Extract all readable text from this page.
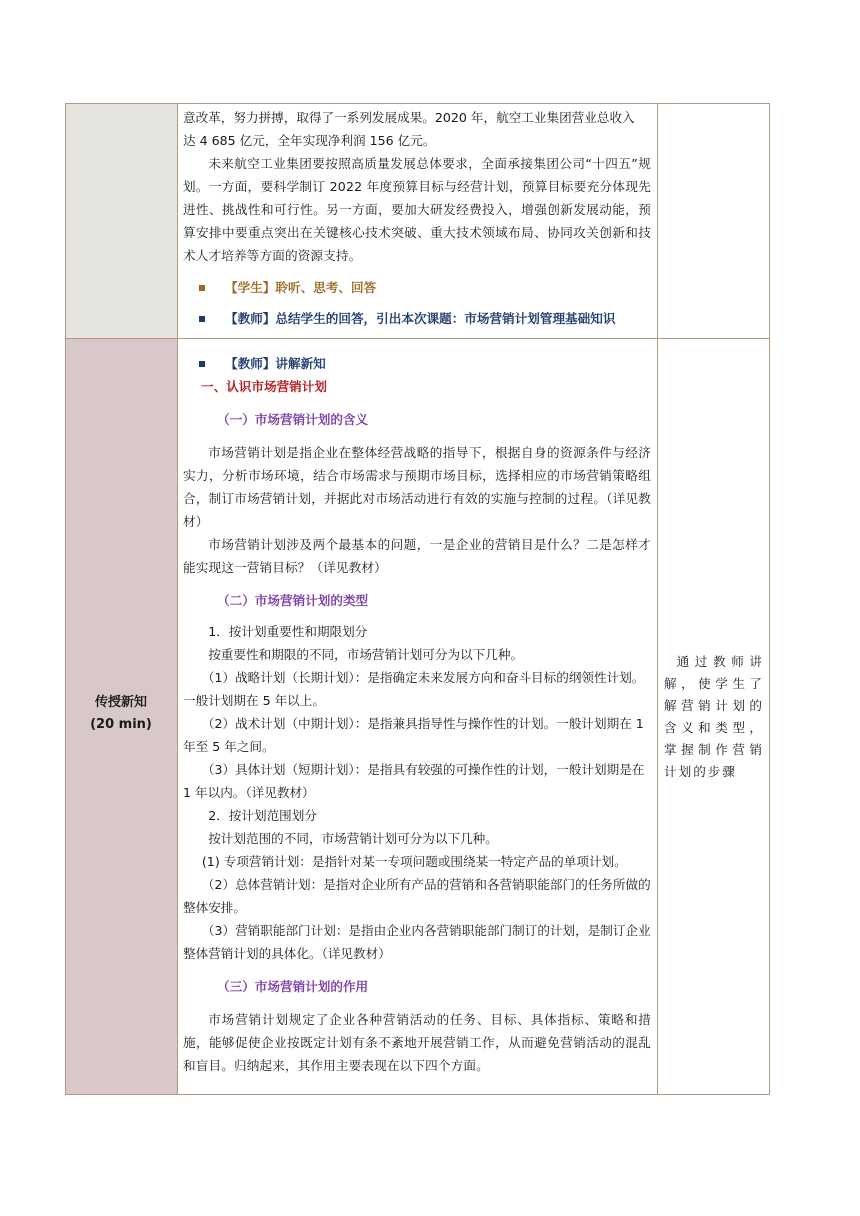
意改革，努力拼搏，取得了一系列发展成果。2020 年，航空工业集团营业总收入

达 4 685 亿元，全年实现净利润 156 亿元。

未来航空工业集团要按照高质量发展总体要求，全面承接集团公司“十四五”规划。一方面，要科学制订 2022 年度预算目标与经营计划，预算目标要充分体现先进性、挑战性和可行性。另一方面，要加大研发经费投入，增强创新发展动能，预算安排中要重点突出在关键核心技术突破、重大技术领域布局、协同攻关创新和技术人才培养等方面的资源支持。

【学生】聆听、思考、回答

【教师】总结学生的回答，引出本次课题：市场营销计划管理基础知识

传授新知
(20 min)

【教师】讲解新知

一、认识市场营销计划

（一）市场营销计划的含义

市场营销计划是指企业在整体经营战略的指导下，根据自身的资源条件与经济实力，分析市场环境，结合市场需求与预期市场目标，选择相应的市场营销策略组合，制订市场营销计划，并据此对市场活动进行有效的实施与控制的过程。（详见教材）

市场营销计划涉及两个最基本的问题，一是企业的营销目是什么？二是怎样才能实现这一营销目标？（详见教材）

（二）市场营销计划的类型

1．按计划重要性和期限划分

按重要性和期限的不同，市场营销计划可分为以下几种。

（1）战略计划（长期计划）：是指确定未来发展方向和奋斗目标的纲领性计划。一般计划期在 5 年以上。

（2）战术计划（中期计划）：是指兼具指导性与操作性的计划。一般计划期在 1 年至 5 年之间。

（3）具体计划（短期计划）：是指具有较强的可操作性的计划，一般计划期是在 1 年以内。（详见教材）

2．按计划范围划分

按计划范围的不同，市场营销计划可分为以下几种。

(1) 专项营销计划：是指针对某一专项问题或围绕某一特定产品的单项计划。

（2）总体营销计划：是指对企业所有产品的营销和各营销职能部门的任务所做的整体安排。

（3）营销职能部门计划：是指由企业内各营销职能部门制订的计划，是制订企业整体营销计划的具体化。（详见教材）

（三）市场营销计划的作用

市场营销计划规定了企业各种营销活动的任务、目标、具体指标、策略和措施，能够促使企业按既定计划有条不紊地开展营销工作，从而避免营销活动的混乱和盲目。归纳起来，其作用主要表现在以下四个方面。

通过教师讲解，使学生了解营销计划的含义和类型，掌握制作营销计划的步骤
